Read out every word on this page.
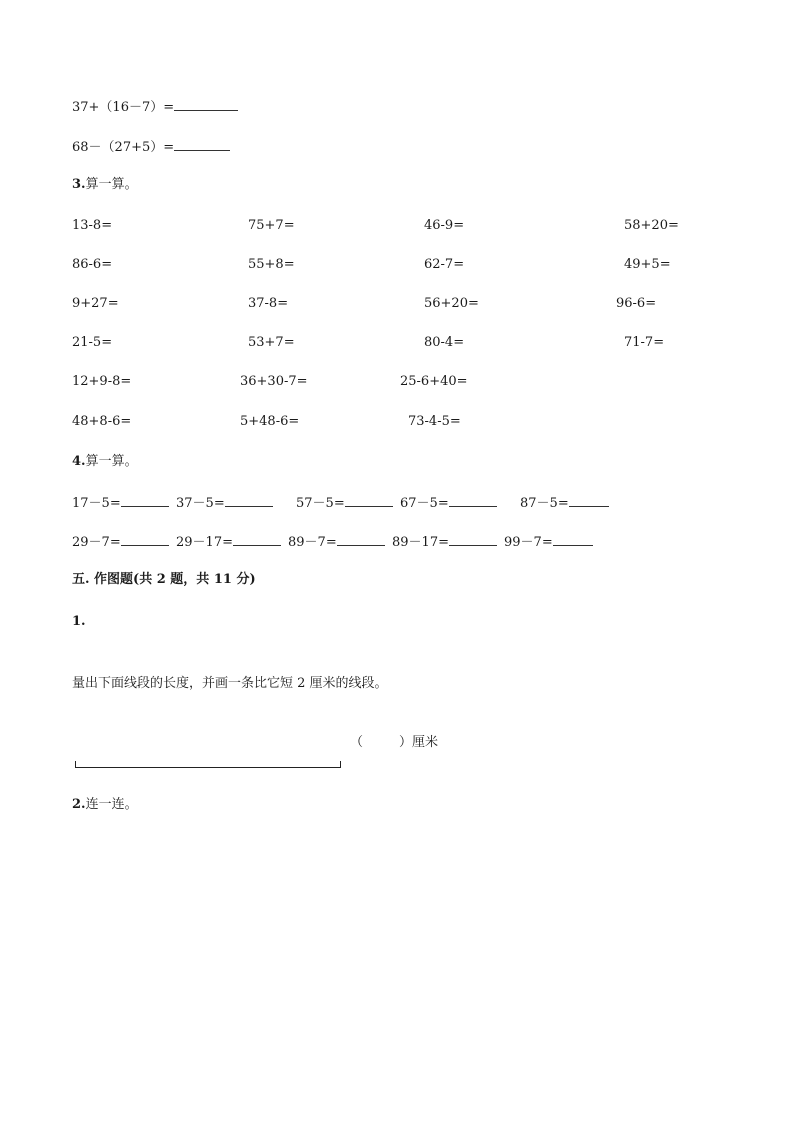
37+（16－7）=
68－（27+5）=
3.算一算。
13-8=	75+7=	46-9=	58+20=
86-6=	55+8=	62-7=	49+5=
9+27=	37-8=	56+20=	96-6=
21-5=	53+7=	80-4=	71-7=
12+9-8=	36+30-7=	25-6+40=
48+8-6=	5+48-6=	73-4-5=
4.算一算。
17－5=	37－5=	57－5=	67－5=	87－5=
29－7=	29－17=	89－7=	89－17=	99－7=
五. 作图题(共 2 题，共 11 分)
1.
量出下面线段的长度，并画一条比它短 2 厘米的线段。
（	）厘米
2.连一连。
